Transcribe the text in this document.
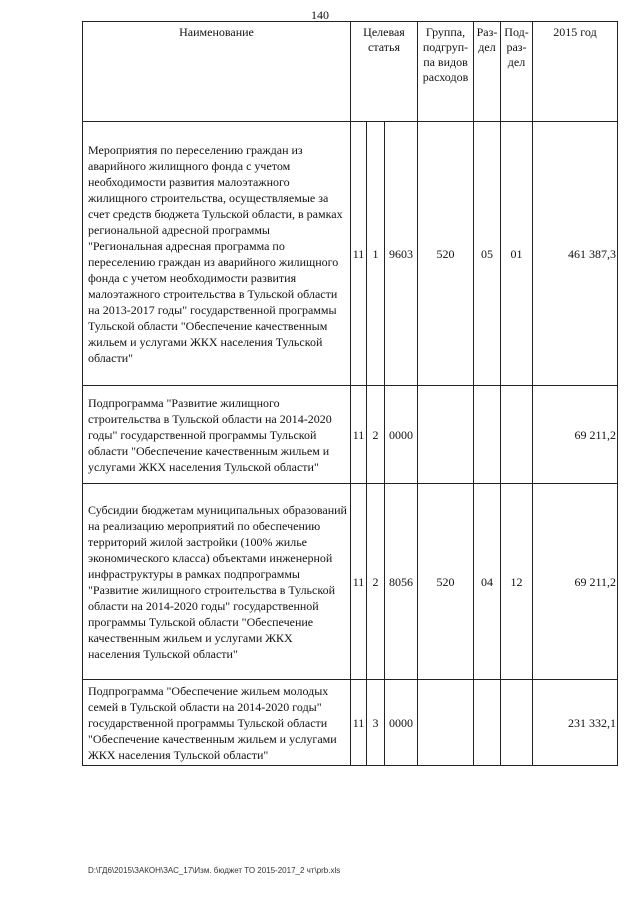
140
Наименование	Целевая статья			Группа, подгруп-па видов расходов	Раз-дел	Под-раз-дел	2015 год
Мероприятия по переселению граждан из аварийного жилищного фонда с учетом необходимости развития малоэтажного жилищного строительства, осуществляемые за счет средств бюджета Тульской области, в рамках региональной адресной программы "Региональная адресная программа по переселению граждан из аварийного жилищного фонда с учетом необходимости развития малоэтажного строительства в Тульской области на 2013-2017 годы" государственной программы Тульской области "Обеспечение качественным жильем и услугами ЖКХ населения Тульской области"	11	1	9603	520	05	01	461 387,3
Подпрограмма "Развитие жилищного строительства в Тульской области на 2014-2020 годы" государственной программы Тульской области "Обеспечение качественным жильем и услугами ЖКХ населения Тульской области"	11	2	0000				69 211,2
Субсидии бюджетам муниципальных образований на реализацию мероприятий по обеспечению территорий жилой застройки (100% жилье экономического класса) объектами инженерной инфраструктуры в рамках подпрограммы "Развитие жилищного строительства в Тульской области на 2014-2020 годы" государственной программы Тульской области "Обеспечение качественным жильем и услугами ЖКХ населения Тульской области"	11	2	8056	520	04	12	69 211,2
Подпрограмма "Обеспечение жильем молодых семей в Тульской области на 2014-2020 годы" государственной программы Тульской области "Обеспечение качественным жильем и услугами ЖКХ населения Тульской области"	11	3	0000				231 332,1
D:\ГД6\2015\ЗАКОН\ЗАС_17\Изм. бюджет ТО 2015-2017_2 чт\prb.xls
